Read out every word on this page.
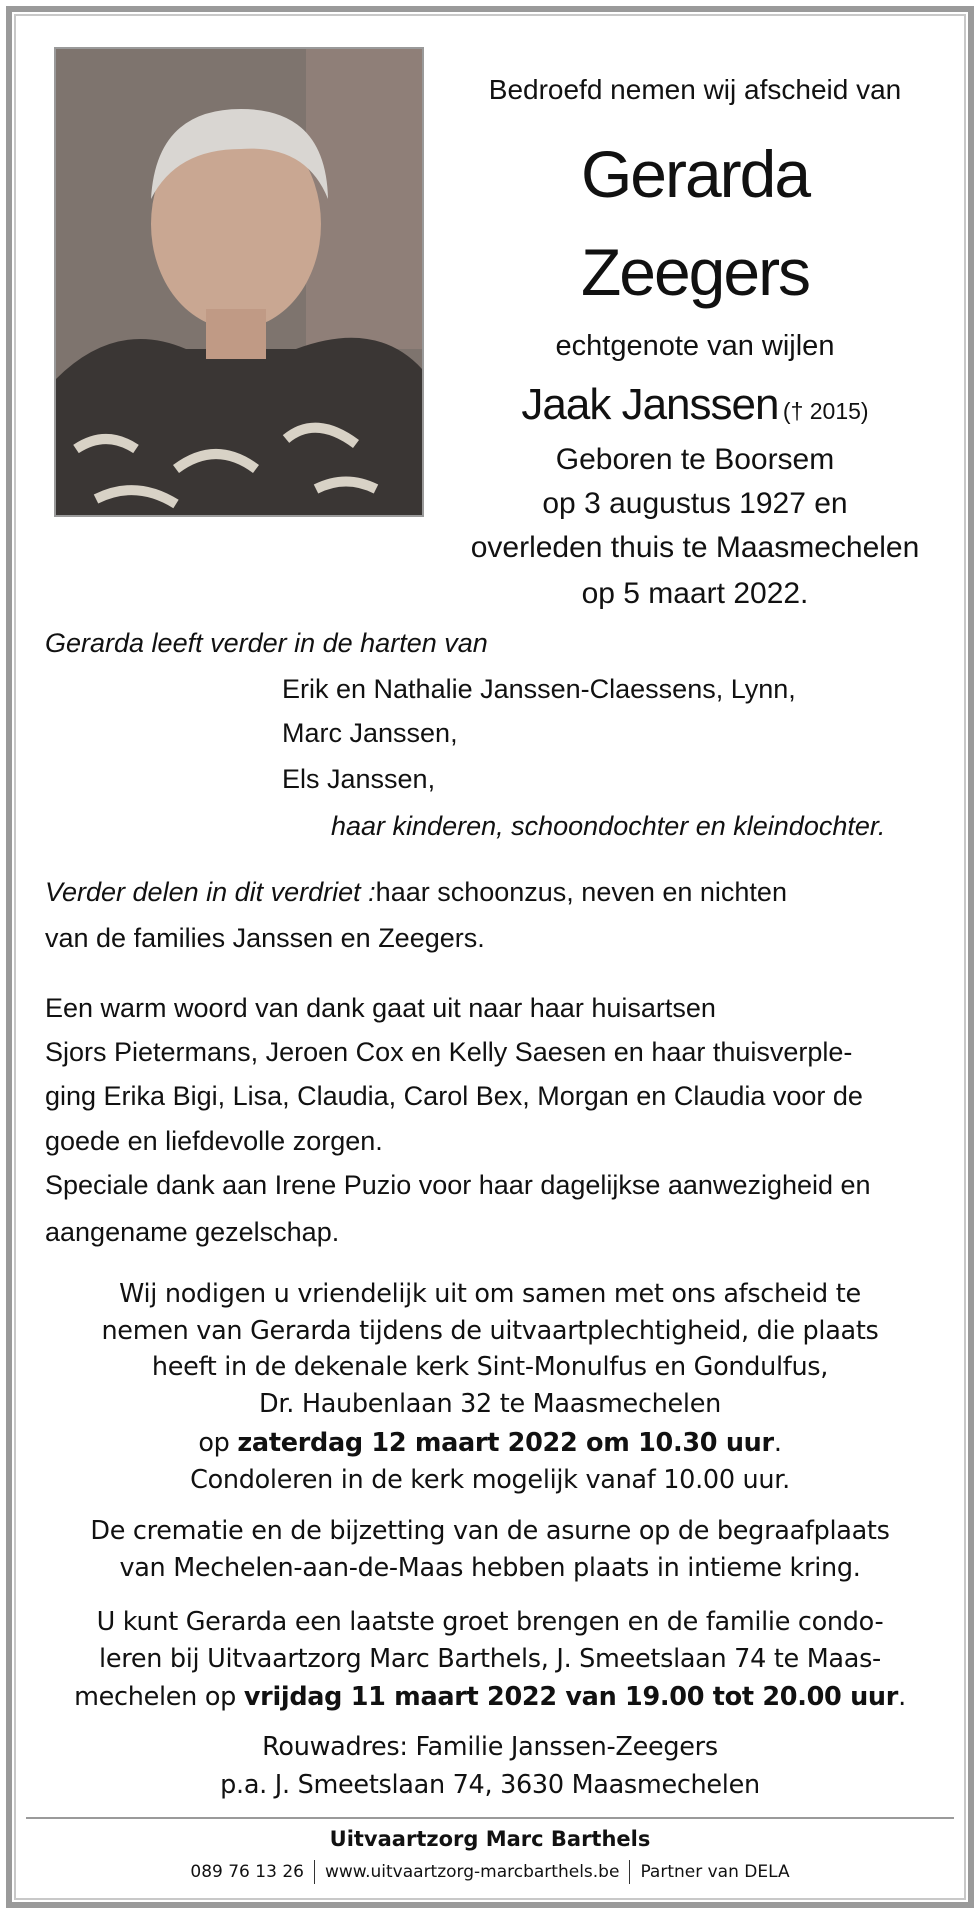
Bedroefd nemen wij afscheid van
Gerarda
Zeegers
echtgenote van wijlen
Jaak Janssen († 2015)
Geboren te Boorsem
op 3 augustus 1927 en
overleden thuis te Maasmechelen
op 5 maart 2022.
Gerarda leeft verder in de harten van
Erik en Nathalie Janssen-Claessens, Lynn,
Marc Janssen,
Els Janssen,
haar kinderen, schoondochter en kleindochter.
Verder delen in dit verdriet :haar schoonzus, neven en nichten
van de families Janssen en Zeegers.
Een warm woord van dank gaat uit naar haar huisartsen
Sjors Pietermans, Jeroen Cox en Kelly Saesen en haar thuisverple-
ging Erika Bigi, Lisa, Claudia, Carol Bex, Morgan en Claudia voor de
goede en liefdevolle zorgen.
Speciale dank aan Irene Puzio voor haar dagelijkse aanwezigheid en
aangename gezelschap.
Wij nodigen u vriendelijk uit om samen met ons afscheid te
nemen van Gerarda tijdens de uitvaartplechtigheid, die plaats
heeft in de dekenale kerk Sint-Monulfus en Gondulfus,
Dr. Haubenlaan 32 te Maasmechelen
op zaterdag 12 maart 2022 om 10.30 uur.
Condoleren in de kerk mogelijk vanaf 10.00 uur.
De crematie en de bijzetting van de asurne op de begraafplaats
van Mechelen-aan-de-Maas hebben plaats in intieme kring.
U kunt Gerarda een laatste groet brengen en de familie condo-
leren bij Uitvaartzorg Marc Barthels, J. Smeetslaan 74 te Maas-
mechelen op vrijdag 11 maart 2022 van 19.00 tot 20.00 uur.
Rouwadres: Familie Janssen-Zeegers
p.a. J. Smeetslaan 74, 3630 Maasmechelen
Uitvaartzorg Marc Barthels
089 76 13 26 www.uitvaartzorg-marcbarthels.be Partner van DELA
